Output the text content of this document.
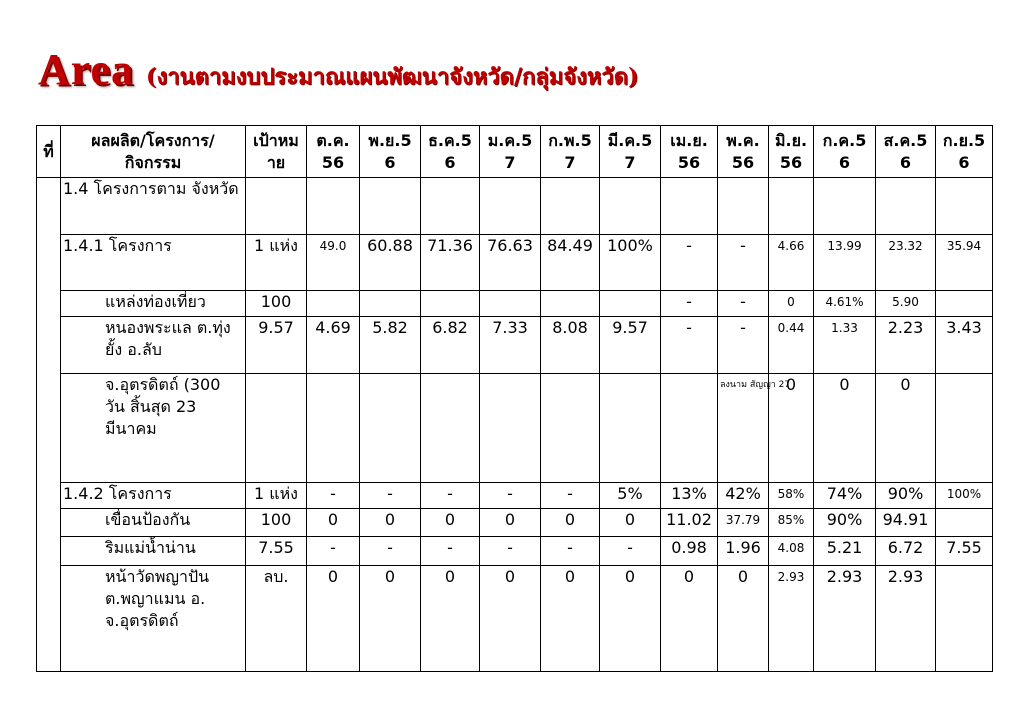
Area (งานตามงบประมาณแผนพัฒนาจังหวัด/กลุ่มจังหวัด)
ที่	ผลผลิต/โครงการ/ กิจกรรม	เป้าหม าย	ต.ค. 56	พ.ย.5 6	ธ.ค.5 6	ม.ค.5 7	ก.พ.5 7	มี.ค.5 7	เม.ย. 56	พ.ค. 56	มิ.ย. 56	ก.ค.5 6	ส.ค.5 6	ก.ย.5 6
	1.4 โครงการตาม จังหวัด													
	1.4.1 โครงการ	1 แห่ง	49.0	60.88	71.36	76.63	84.49	100%	-	-	4.66	13.99	23.32	35.94
	แหล่งท่องเที่ยว	100							-	-	0	4.61%	5.90	
	หนองพระแล ต.ทุ่งยั้ง อ.ลับ	9.57	4.69	5.82	6.82	7.33	8.08	9.57	-	-	0.44	1.33	2.23	3.43
	จ.อุตรดิตถ์ (300 วัน สิ้นสุด 23 มีนาคม									ลงนาม สัญญา 27	0	0	0	
	1.4.2 โครงการ	1 แห่ง	-	-	-	-	-	5%	13%	42%	58%	74%	90%	100%
	เขื่อนป้องกัน	100	0	0	0	0	0	0	11.02	37.79	85%	90%	94.91	
	ริมแม่น้ำน่าน	7.55	-	-	-	-	-	-	0.98	1.96	4.08	5.21	6.72	7.55
	หน้าวัดพญาปัน ต.พญาแมน อ. จ.อุตรดิตถ์	ลบ.	0	0	0	0	0	0	0	0	2.93	2.93	2.93	
